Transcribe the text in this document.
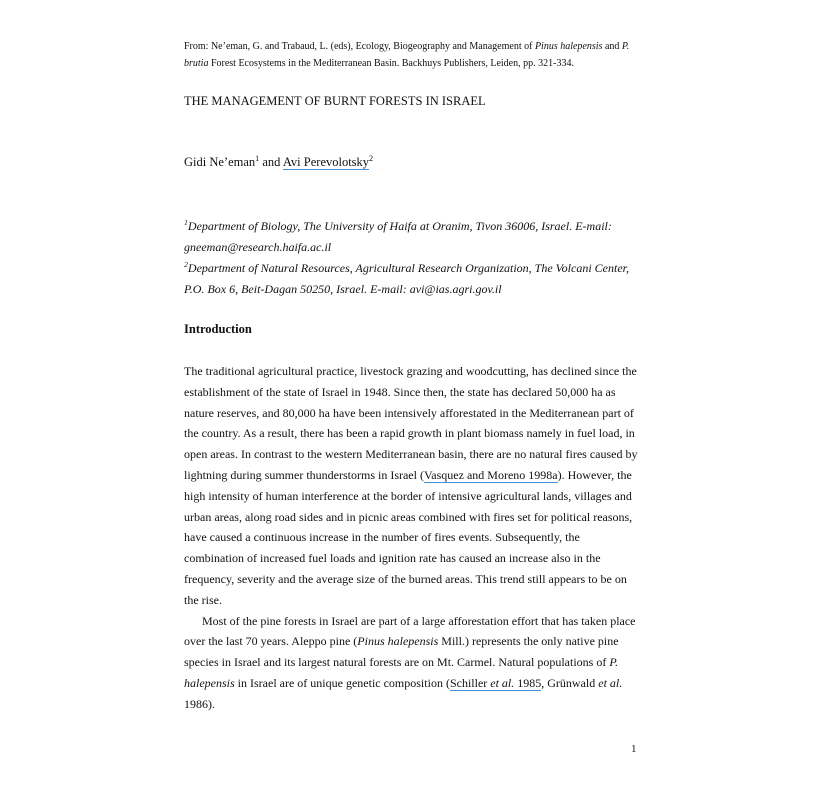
From: Ne’eman, G. and Trabaud, L. (eds), Ecology, Biogeography and Management of Pinus halepensis and P.
brutia Forest Ecosystems in the Mediterranean Basin. Backhuys Publishers, Leiden, pp. 321-334.
THE MANAGEMENT OF BURNT FORESTS IN ISRAEL
Gidi Ne’eman$^1$ and Avi Perevolotsky$^2$
$^1$Department of Biology, The University of Haifa at Oranim, Tivon 36006, Israel. E-mail:
gneeman@research.haifa.ac.il
$^2$Department of Natural Resources, Agricultural Research Organization, The Volcani Center,
P.O. Box 6, Beit-Dagan 50250, Israel. E-mail: avi@ias.agri.gov.il
Introduction
The traditional agricultural practice, livestock grazing and woodcutting, has declined since the
establishment of the state of Israel in 1948. Since then, the state has declared 50,000 ha as
nature reserves, and 80,000 ha have been intensively afforestated in the Mediterranean part of
the country. As a result, there has been a rapid growth in plant biomass namely in fuel load, in
open areas. In contrast to the western Mediterranean basin, there are no natural fires caused by
lightning during summer thunderstorms in Israel (Vasquez and Moreno 1998a). However, the
high intensity of human interference at the border of intensive agricultural lands, villages and
urban areas, along road sides and in picnic areas combined with fires set for political reasons,
have caused a continuous increase in the number of fires events. Subsequently, the
combination of increased fuel loads and ignition rate has caused an increase also in the
frequency, severity and the average size of the burned areas. This trend still appears to be on
the rise.
Most of the pine forests in Israel are part of a large afforestation effort that has taken place
over the last 70 years. Aleppo pine (Pinus halepensis Mill.) represents the only native pine
species in Israel and its largest natural forests are on Mt. Carmel. Natural populations of P.
halepensis in Israel are of unique genetic composition (Schiller et al. 1985, Grünwald et al.
1986).
1
